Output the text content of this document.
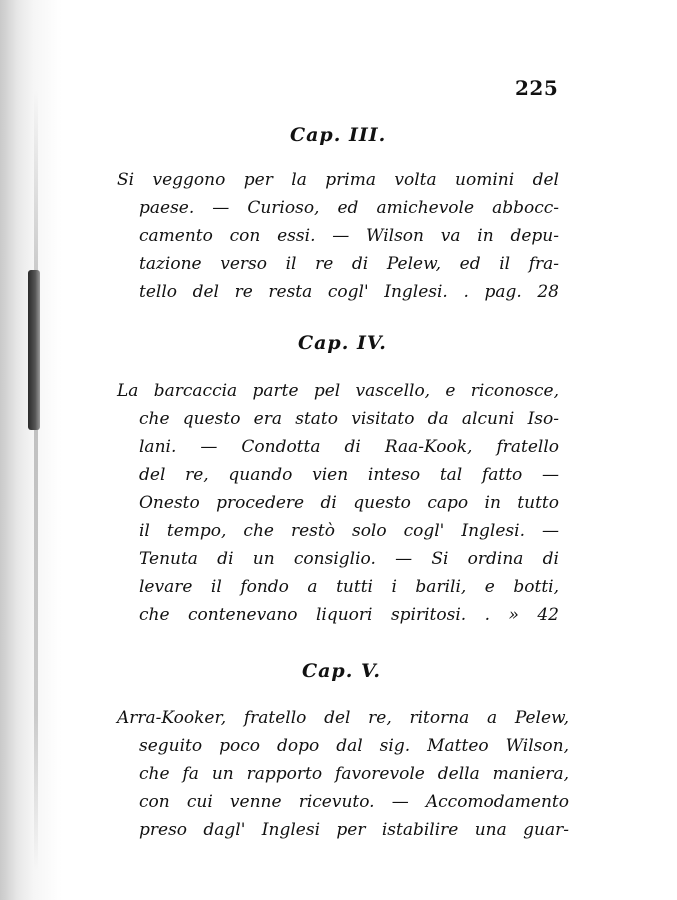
225
Cap. III.
Si veggono per la prima volta uomini del
paese. — Curioso, ed amichevole abbocc-
camento con essi. — Wilson va in depu-
tazione verso il re di Pelew, ed il fra-
tello del re resta cogl' Inglesi. . pag. 28
Cap. IV.
La barcaccia parte pel vascello, e riconosce,
che questo era stato visitato da alcuni Iso-
lani. — Condotta di Raa-Kook, fratello
del re, quando vien inteso tal fatto —
Onesto procedere di questo capo in tutto
il tempo, che restò solo cogl' Inglesi. —
Tenuta di un consiglio. — Si ordina di
levare il fondo a tutti i barili, e botti,
che contenevano liquori spiritosi. . » 42
Cap. V.
Arra-Kooker, fratello del re, ritorna a Pelew,
seguito poco dopo dal sig. Matteo Wilson,
che fa un rapporto favorevole della maniera,
con cui venne ricevuto. — Accomodamento
preso dagl' Inglesi per istabilire una guar-
